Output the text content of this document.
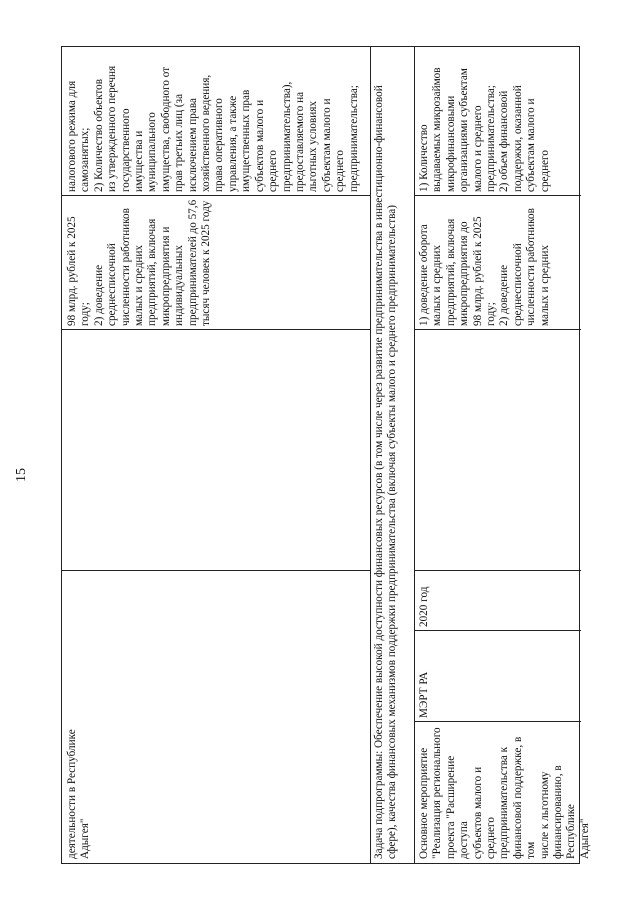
15
деятельности в Республике
Адыгея"
98 млрд. рублей к 2025
году;
2) доведение
среднесписочной
численности работников
малых и средних
предприятий, включая
микропредприятия и
индивидуальных
предпринимателей до 57,6
тысяч человек к 2025 году
налогового режима для
самозанятых;
2) Количество объектов
из утвержденного перечня
государственного
имущества и
муниципального
имущества, свободного от
прав третьих лиц (за
исключением права
хозяйственного ведения,
права оперативного
управления, а также
имущественных прав
субъектов малого и
среднего
предпринимательства),
предоставляемого на
льготных условиях
субъектам малого и
среднего
предпринимательства;	Задача подпрограммы: Обеспечение высокой доступности финансовых ресурсов (в том числе через развитие предпринимательства в инвестиционно-финансовой сфере), качества финансовых механизмов поддержки предпринимательства (включая субъекты малого и среднего предпринимательства)	Основное мероприятие
"Реализация регионального
проекта "Расширение доступа
субъектов малого и среднего
предпринимательства к
финансовой поддержке, в том
числе к льготному
финансированию, в Республике
Адыгея"
МЭРТ РА
2020 год
1) доведение оборота
малых и средних
предприятий, включая
микропредприятия до
98 млрд. рублей к 2025
году;
2) доведение
среднесписочной
численности работников
малых и средних
1) Количество
выдаваемых микрозаймов
микрофинансовыми
организациями субъектам
малого и среднего
предпринимательства;
2) объем финансовой
поддержки, оказанной
субъектам малого и
среднего
